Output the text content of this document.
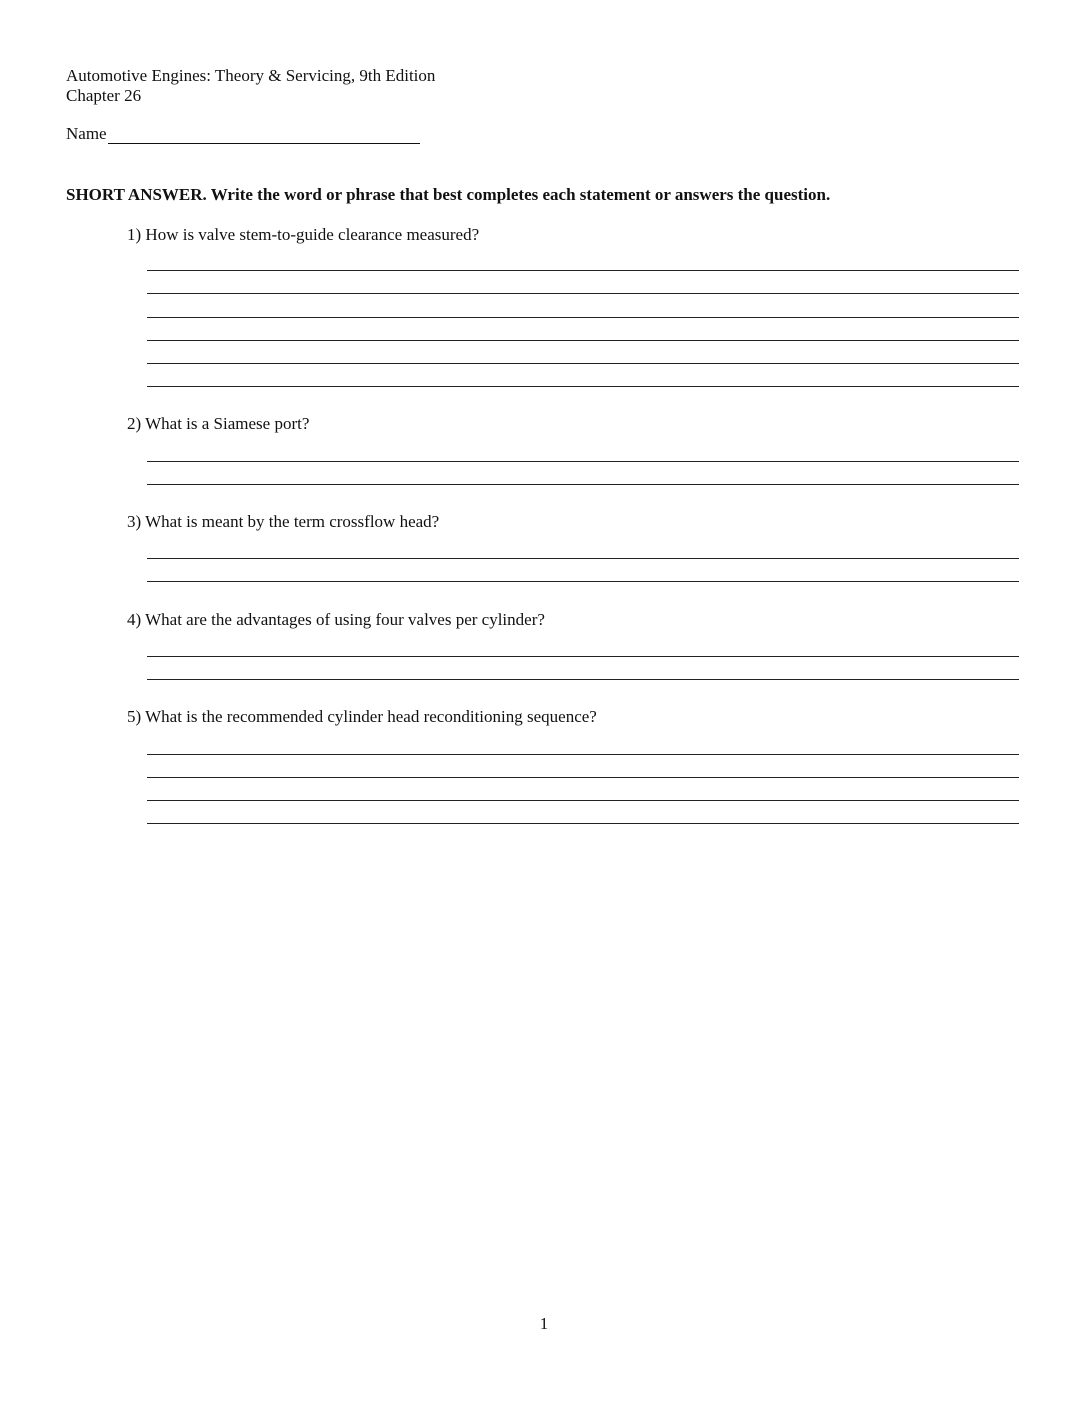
Automotive Engines: Theory & Servicing, 9th Edition
Chapter 26
Name
SHORT ANSWER. Write the word or phrase that best completes each statement or answers the question.
1) How is valve stem-to-guide clearance measured?
2) What is a Siamese port?
3) What is meant by the term crossflow head?
4) What are the advantages of using four valves per cylinder?
5) What is the recommended cylinder head reconditioning sequence?
1
